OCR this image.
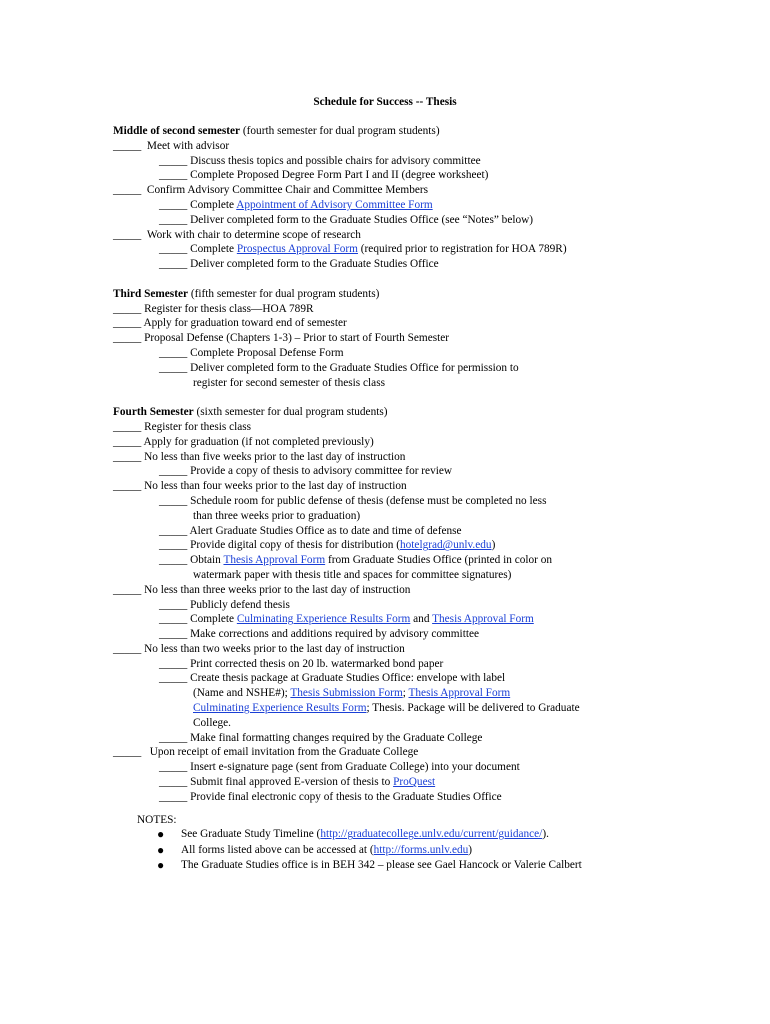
Schedule for Success -- Thesis
Middle of second semester (fourth semester for dual program students)
_____ Meet with advisor
_____ Discuss thesis topics and possible chairs for advisory committee
_____ Complete Proposed Degree Form Part I and II (degree worksheet)
_____ Confirm Advisory Committee Chair and Committee Members
_____ Complete Appointment of Advisory Committee Form
_____ Deliver completed form to the Graduate Studies Office (see “Notes” below)
_____ Work with chair to determine scope of research
_____ Complete Prospectus Approval Form (required prior to registration for HOA 789R)
_____ Deliver completed form to the Graduate Studies Office
Third Semester (fifth semester for dual program students)
_____ Register for thesis class—HOA 789R
_____ Apply for graduation toward end of semester
_____ Proposal Defense (Chapters 1-3) – Prior to start of Fourth Semester
_____ Complete Proposal Defense Form
_____ Deliver completed form to the Graduate Studies Office for permission to
register for second semester of thesis class
Fourth Semester (sixth semester for dual program students)
_____ Register for thesis class
_____ Apply for graduation (if not completed previously)
_____ No less than five weeks prior to the last day of instruction
_____ Provide a copy of thesis to advisory committee for review
_____ No less than four weeks prior to the last day of instruction
_____ Schedule room for public defense of thesis (defense must be completed no less
than three weeks prior to graduation)
_____ Alert Graduate Studies Office as to date and time of defense
_____ Provide digital copy of thesis for distribution (hotelgrad@unlv.edu)
_____ Obtain Thesis Approval Form from Graduate Studies Office (printed in color on
watermark paper with thesis title and spaces for committee signatures)
_____ No less than three weeks prior to the last day of instruction
_____ Publicly defend thesis
_____ Complete Culminating Experience Results Form and Thesis Approval Form
_____ Make corrections and additions required by advisory committee
_____ No less than two weeks prior to the last day of instruction
_____ Print corrected thesis on 20 lb. watermarked bond paper
_____ Create thesis package at Graduate Studies Office: envelope with label
(Name and NSHE#); Thesis Submission Form; Thesis Approval Form
Culminating Experience Results Form; Thesis. Package will be delivered to Graduate
College.
_____ Make final formatting changes required by the Graduate College
_____ Upon receipt of email invitation from the Graduate College
_____ Insert e-signature page (sent from Graduate College) into your document
_____ Submit final approved E-version of thesis to ProQuest
_____ Provide final electronic copy of thesis to the Graduate Studies Office
NOTES:
● See Graduate Study Timeline (http://graduatecollege.unlv.edu/current/guidance/).
● All forms listed above can be accessed at (http://forms.unlv.edu)
● The Graduate Studies office is in BEH 342 – please see Gael Hancock or Valerie Calbert
